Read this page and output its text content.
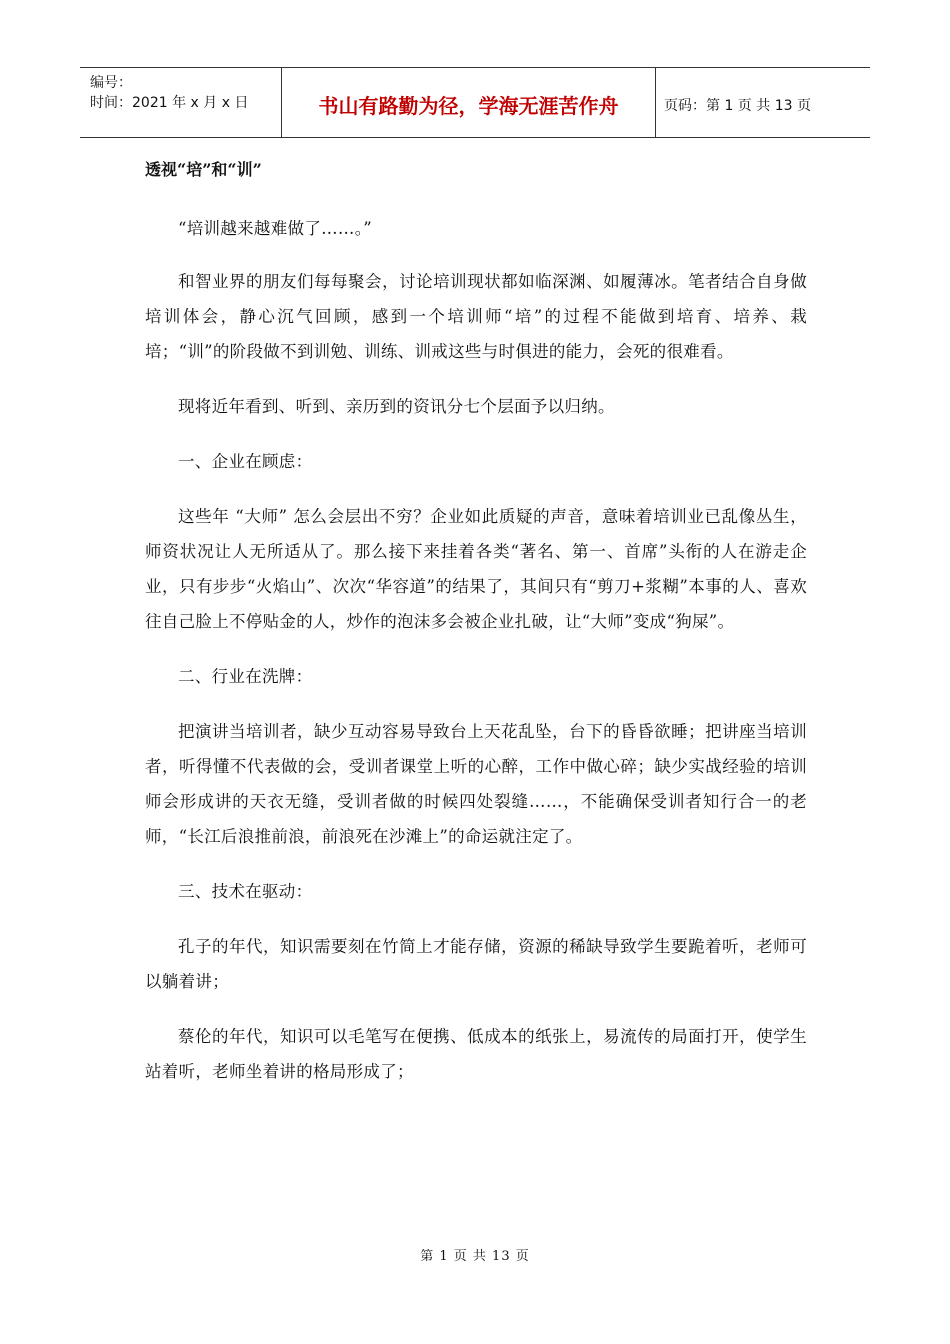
编号：
时间：2021 年 x 月 x 日	书山有路勤为径，学海无涯苦作舟	页码：第 1 页 共 13 页

透视“培”和“训”

“培训越来越难做了……。”

和智业界的朋友们每每聚会，讨论培训现状都如临深渊、如履薄冰。笔者结合自身做培训体会，静心沉气回顾，感到一个培训师“培”的过程不能做到培育、培养、栽培；“训”的阶段做不到训勉、训练、训戒这些与时俱进的能力，会死的很难看。

现将近年看到、听到、亲历到的资讯分七个层面予以归纳。

一、企业在顾虑：

这些年 “大师” 怎么会层出不穷？企业如此质疑的声音，意味着培训业已乱像丛生，师资状况让人无所适从了。那么接下来挂着各类“著名、第一、首席”头衔的人在游走企业，只有步步“火焰山”、次次“华容道”的结果了，其间只有“剪刀+浆糊”本事的人、喜欢往自己脸上不停贴金的人，炒作的泡沫多会被企业扎破，让“大师”变成“狗屎”。

二、行业在洗牌：

把演讲当培训者，缺少互动容易导致台上天花乱坠，台下的昏昏欲睡；把讲座当培训者，听得懂不代表做的会，受训者课堂上听的心醉，工作中做心碎；缺少实战经验的培训师会形成讲的天衣无缝，受训者做的时候四处裂缝……，不能确保受训者知行合一的老师，“长江后浪推前浪，前浪死在沙滩上”的命运就注定了。

三、技术在驱动：

孔子的年代，知识需要刻在竹简上才能存储，资源的稀缺导致学生要跪着听，老师可以躺着讲；

蔡伦的年代，知识可以毛笔写在便携、低成本的纸张上，易流传的局面打开，使学生站着听，老师坐着讲的格局形成了；

第 1 页 共 13 页
